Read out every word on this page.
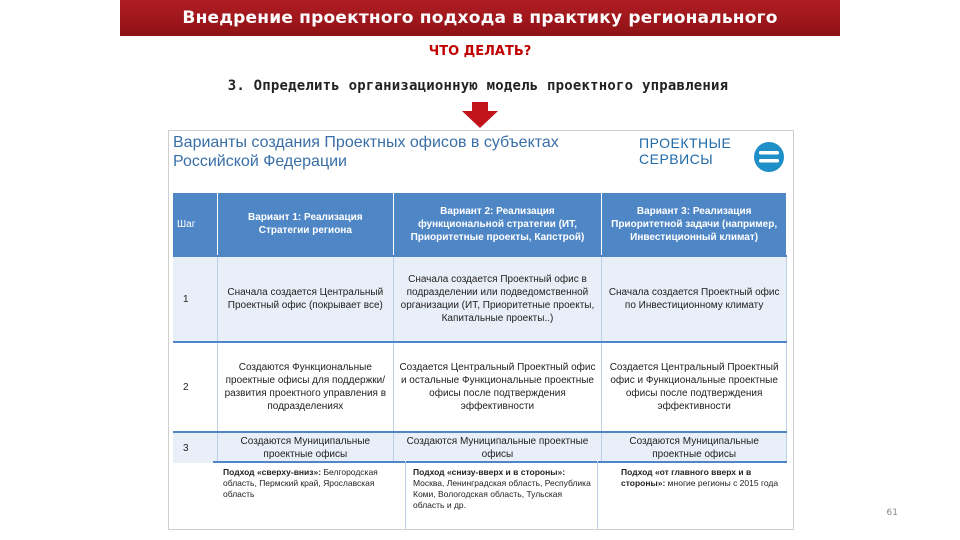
Внедрение проектного подхода в практику регионального
ЧТО ДЕЛАТЬ?
3. Определить организационную модель проектного управления
Варианты создания Проектных офисов в субъектах
Российской Федерации
ПРОЕКТНЫЕ
СЕРВИСЫ
Шаг	Вариант 1: Реализация Стратегии региона	Вариант 2: Реализация функциональной стратегии (ИТ, Приоритетные проекты, Капстрой)	Вариант 3: Реализация Приоритетной задачи (например, Инвестиционный климат)
1	Сначала создается Центральный Проектный офис (покрывает все)	Сначала создается Проектный офис в подразделении или подведомственной организации (ИТ, Приоритетные проекты, Капитальные проекты..)	Сначала создается Проектный офис по Инвестиционному климату
2	Создаются Функциональные проектные офисы для поддержки/развития проектного управления в подразделениях	Создается Центральный Проектный офис и остальные Функциональные проектные офисы после подтверждения эффективности	Создается Центральный Проектный офис и Функциональные проектные офисы после подтверждения эффективности
3	Создаются Муниципальные проектные офисы	Создаются Муниципальные проектные офисы	Создаются Муниципальные проектные офисы
Подход «сверху-вниз»: Белгородская область, Пермский край, Ярославская область
Подход «снизу-вверх и в стороны»: Москва, Ленинградская область, Республика Коми, Вологодская область, Тульская область и др.
Подход «от главного вверх и в стороны»: многие регионы с 2015 года
61
